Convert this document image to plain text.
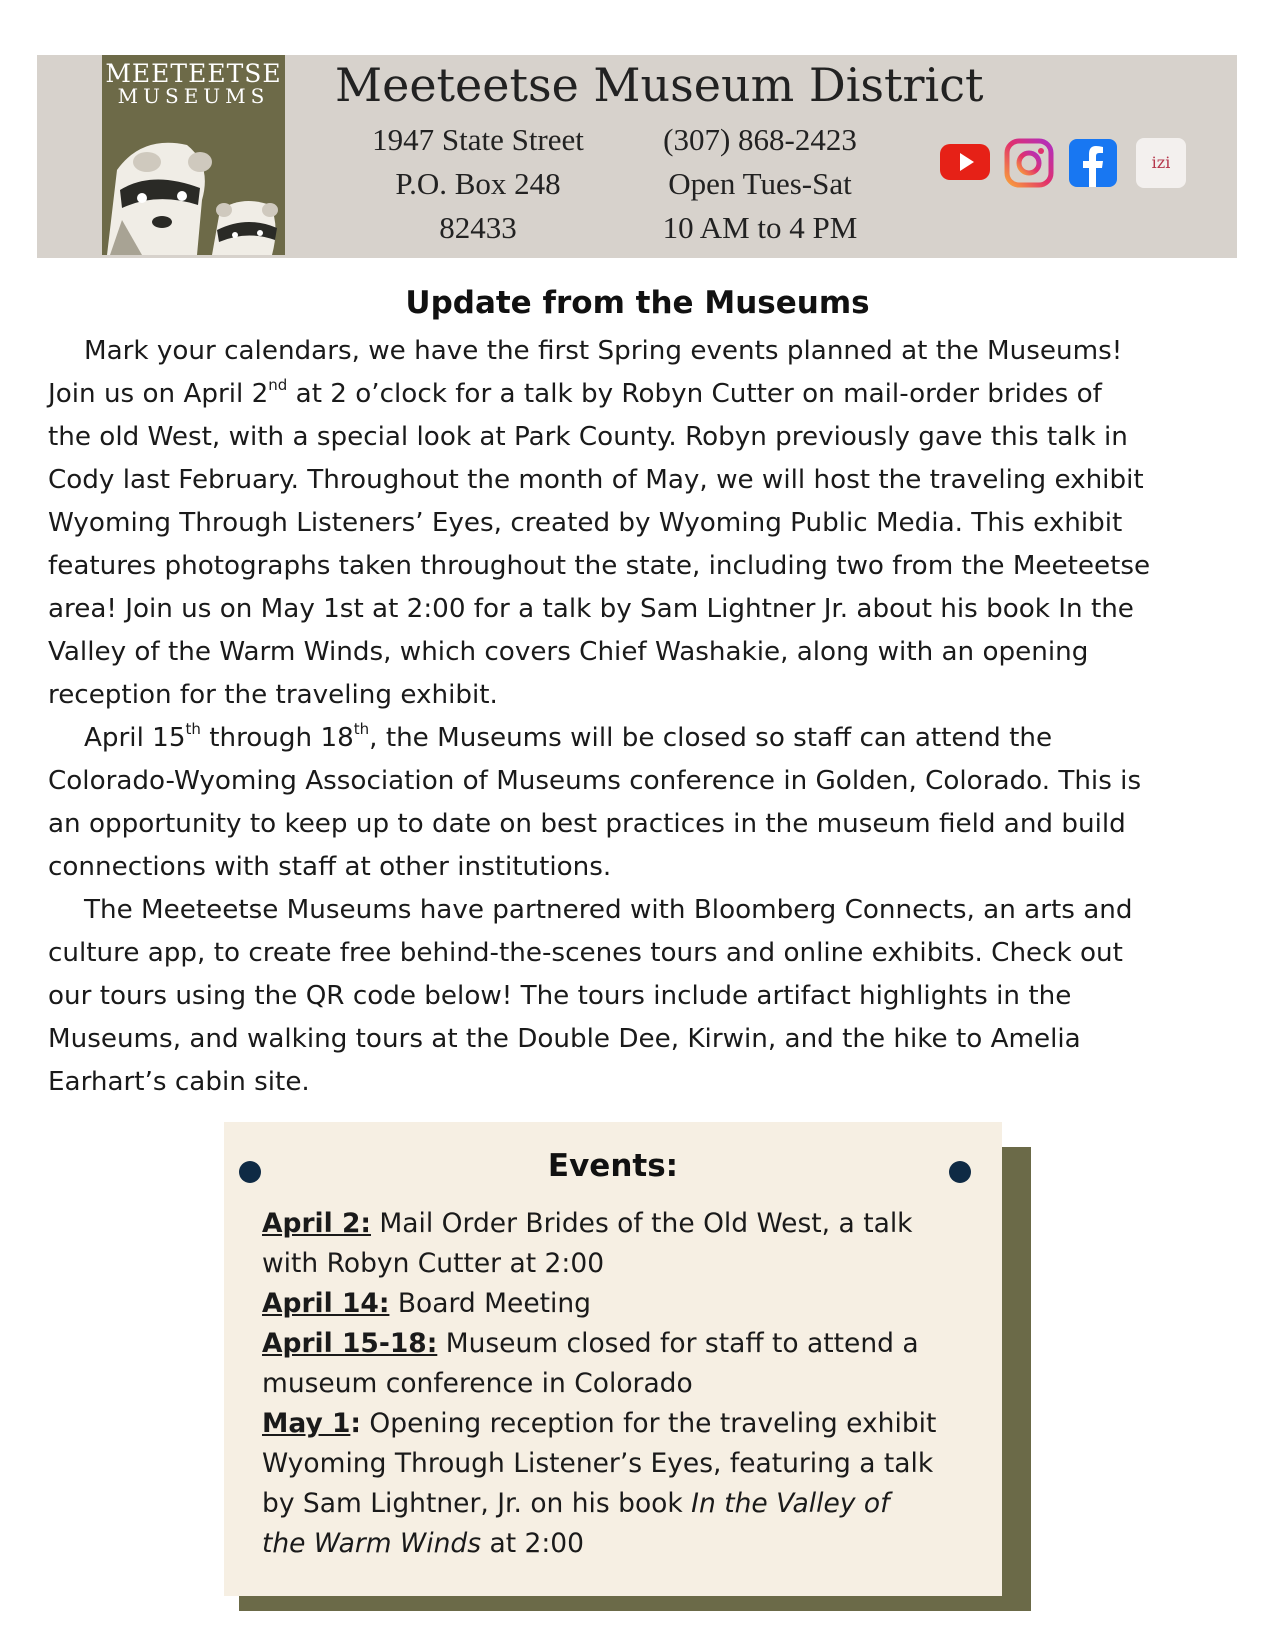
MEETEETSE
MUSEUMS	Meeteetse Museum District
1947 State Street
P.O. Box 248
82433
(307) 868-2423
Open Tues-Sat
10 AM to 4 PM
izi
Update from the Museums
Mark your calendars, we have the first Spring events planned at the Museums!
Join us on April 2nd at 2 o’clock for a talk by Robyn Cutter on mail-order brides of
the old West, with a special look at Park County. Robyn previously gave this talk in
Cody last February. Throughout the month of May, we will host the traveling exhibit
Wyoming Through Listeners’ Eyes, created by Wyoming Public Media. This exhibit
features photographs taken throughout the state, including two from the Meeteetse
area! Join us on May 1st at 2:00 for a talk by Sam Lightner Jr. about his book In the
Valley of the Warm Winds, which covers Chief Washakie, along with an opening
reception for the traveling exhibit.
April 15th through 18th, the Museums will be closed so staff can attend the
Colorado-Wyoming Association of Museums conference in Golden, Colorado. This is
an opportunity to keep up to date on best practices in the museum field and build
connections with staff at other institutions.
The Meeteetse Museums have partnered with Bloomberg Connects, an arts and
culture app, to create free behind-the-scenes tours and online exhibits. Check out
our tours using the QR code below! The tours include artifact highlights in the
Museums, and walking tours at the Double Dee, Kirwin, and the hike to Amelia
Earhart’s cabin site.
Events:
April 2: Mail Order Brides of the Old West, a talk
with Robyn Cutter at 2:00
April 14: Board Meeting
April 15-18: Museum closed for staff to attend a
museum conference in Colorado
May 1: Opening reception for the traveling exhibit
Wyoming Through Listener’s Eyes, featuring a talk
by Sam Lightner, Jr. on his book In the Valley of
the Warm Winds at 2:00
